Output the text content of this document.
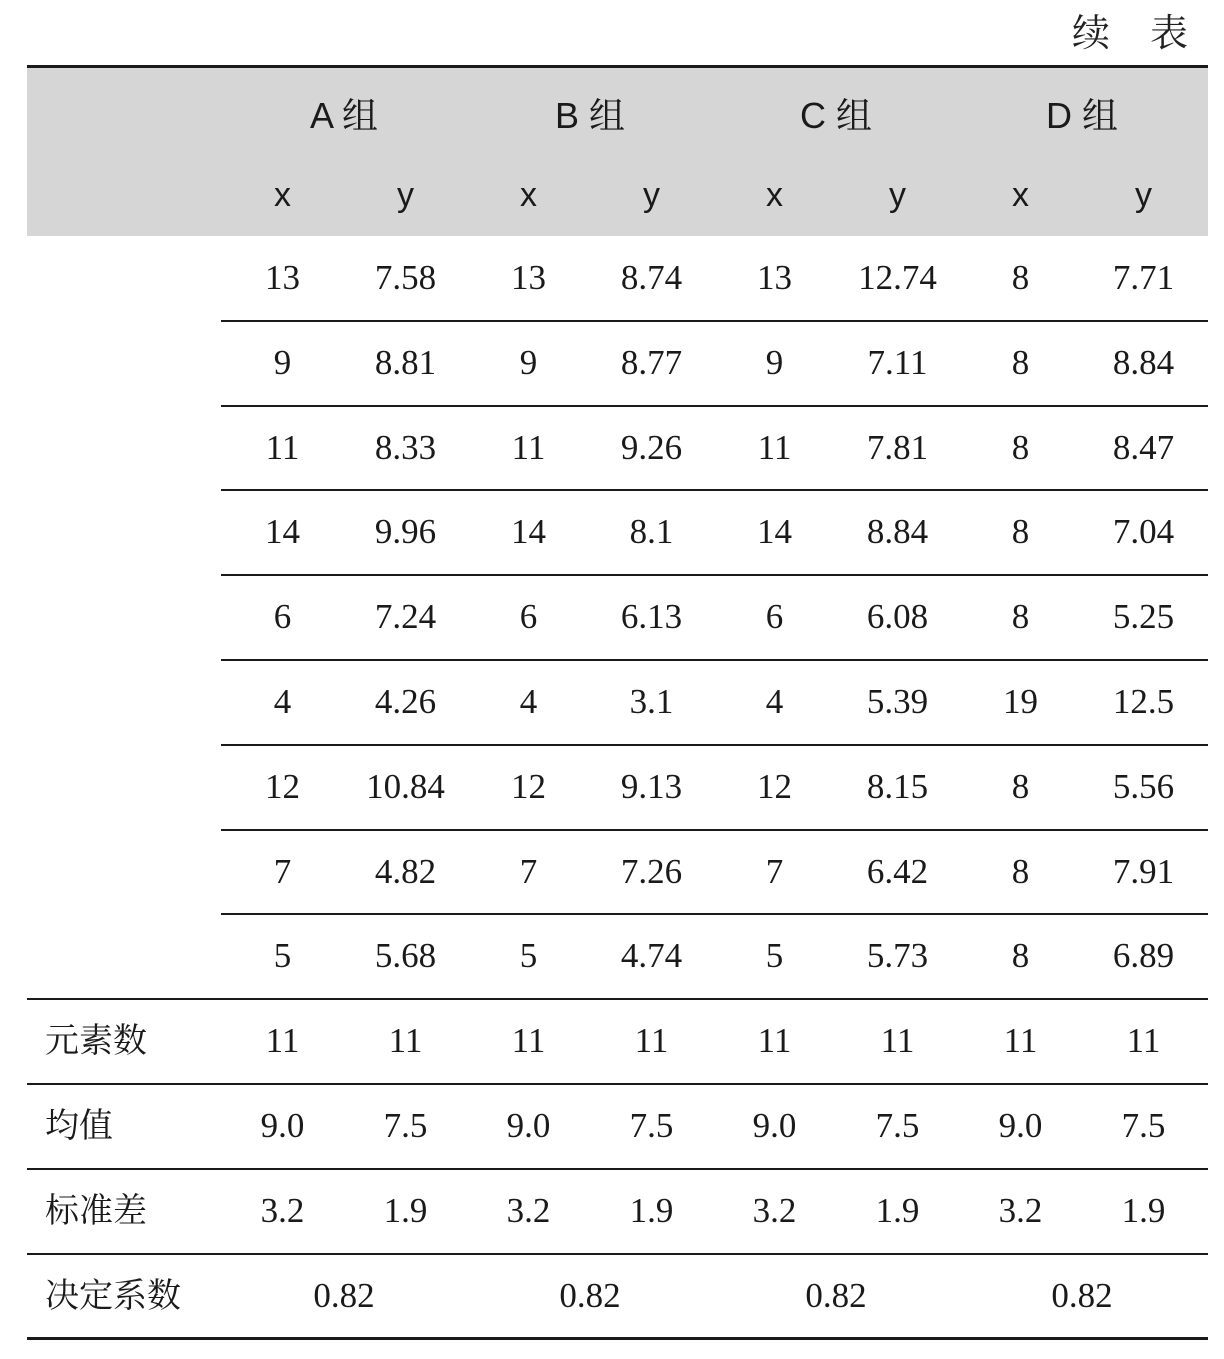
续 表
A 组	B 组	C 组	D 组
x	y	x	y	x	y	x	y
13	7.58	13	8.74	13	12.74	8	7.71
9	8.81	9	8.77	9	7.11	8	8.84
11	8.33	11	9.26	11	7.81	8	8.47
14	9.96	14	8.1	14	8.84	8	7.04
6	7.24	6	6.13	6	6.08	8	5.25
4	4.26	4	3.1	4	5.39	19	12.5
12	10.84	12	9.13	12	8.15	8	5.56
7	4.82	7	7.26	7	6.42	8	7.91
5	5.68	5	4.74	5	5.73	8	6.89
元素数	11	11	11	11	11	11	11	11
均值	9.0	7.5	9.0	7.5	9.0	7.5	9.0	7.5
标准差	3.2	1.9	3.2	1.9	3.2	1.9	3.2	1.9
决定系数	0.82	0.82	0.82	0.82
